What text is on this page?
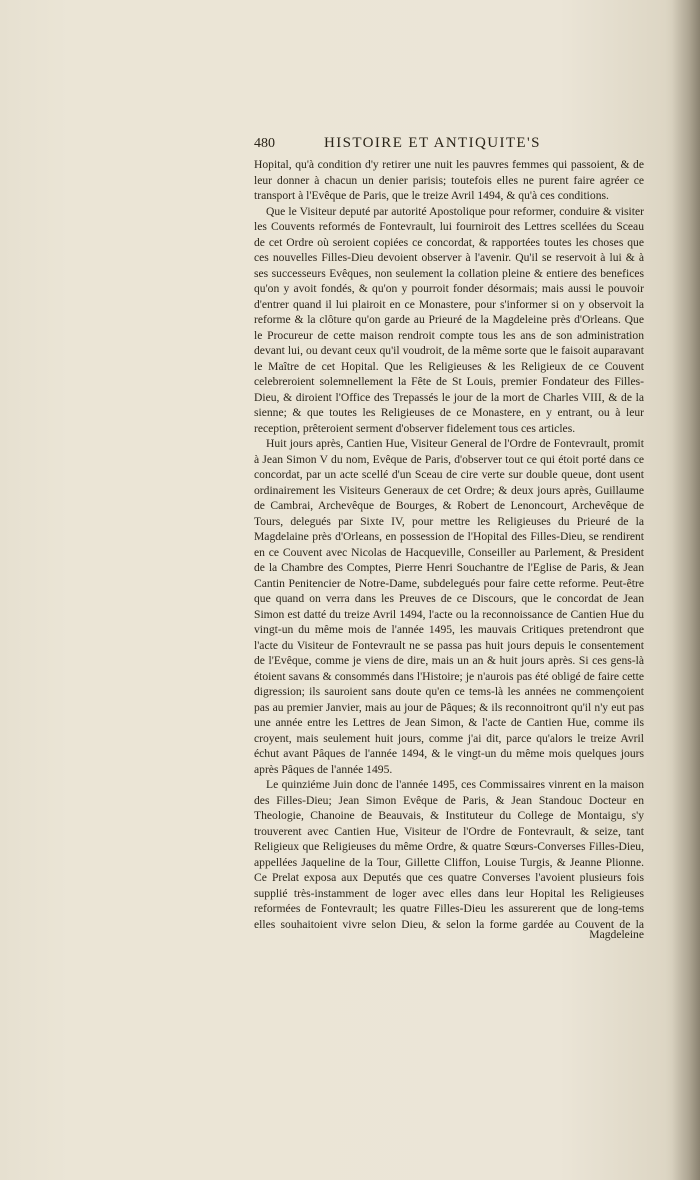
480	HISTOIRE ET ANTIQUITE'S

Hopital, qu'à condition d'y retirer une nuit les pauvres femmes qui passoient, & de leur donner à chacun un denier parisis; toutefois elles ne purent faire agréer ce transport à l'Evêque de Paris, que le treize Avril 1494, & qu'à ces conditions.

Que le Visiteur deputé par autorité Apostolique pour reformer, conduire & visiter les Couvents reformés de Fontevrault, lui fourniroit des Lettres scellées du Sceau de cet Ordre où seroient copiées ce concordat, & rapportées toutes les choses que ces nouvelles Filles-Dieu devoient observer à l'avenir. Qu'il se reservoit à lui & à ses successeurs Evêques, non seulement la collation pleine & entiere des benefices qu'on y avoit fondés, & qu'on y pourroit fonder désormais; mais aussi le pouvoir d'entrer quand il lui plairoit en ce Monastere, pour s'informer si on y observoit la reforme & la clôture qu'on garde au Prieuré de la Magdeleine près d'Orleans. Que le Procureur de cette maison rendroit compte tous les ans de son administration devant lui, ou devant ceux qu'il voudroit, de la même sorte que le faisoit auparavant le Maître de cet Hopital. Que les Religieuses & les Religieux de ce Couvent celebreroient solemnellement la Fête de St Louis, premier Fondateur des Filles-Dieu, & diroient l'Office des Trepassés le jour de la mort de Charles VIII, & de la sienne; & que toutes les Religieuses de ce Monastere, en y entrant, ou à leur reception, prêteroient serment d'observer fidelement tous ces articles.

Huit jours après, Cantien Hue, Visiteur General de l'Ordre de Fontevrault, promit à Jean Simon V du nom, Evêque de Paris, d'observer tout ce qui étoit porté dans ce concordat, par un acte scellé d'un Sceau de cire verte sur double queue, dont usent ordinairement les Visiteurs Generaux de cet Ordre; & deux jours après, Guillaume de Cambrai, Archevêque de Bourges, & Robert de Lenoncourt, Archevêque de Tours, delegués par Sixte IV, pour mettre les Religieuses du Prieuré de la Magdelaine près d'Orleans, en possession de l'Hopital des Filles-Dieu, se rendirent en ce Couvent avec Nicolas de Hacqueville, Conseiller au Parlement, & President de la Chambre des Comptes, Pierre Henri Souchantre de l'Eglise de Paris, & Jean Cantin Penitencier de Notre-Dame, subdelegués pour faire cette reforme. Peut-être que quand on verra dans les Preuves de ce Discours, que le concordat de Jean Simon est datté du treize Avril 1494, l'acte ou la reconnoissance de Cantien Hue du vingt-un du même mois de l'année 1495, les mauvais Critiques pretendront que l'acte du Visiteur de Fontevrault ne se passa pas huit jours depuis le consentement de l'Evêque, comme je viens de dire, mais un an & huit jours après. Si ces gens-là étoient savans & consommés dans l'Histoire; je n'aurois pas été obligé de faire cette digression; ils sauroient sans doute qu'en ce tems-là les années ne commençoient pas au premier Janvier, mais au jour de Pâques; & ils reconnoitront qu'il n'y eut pas une année entre les Lettres de Jean Simon, & l'acte de Cantien Hue, comme ils croyent, mais seulement huit jours, comme j'ai dit, parce qu'alors le treize Avril échut avant Pâques de l'année 1494, & le vingt-un du même mois quelques jours après Pâques de l'année 1495.

Le quinziéme Juin donc de l'année 1495, ces Commissaires vinrent en la maison des Filles-Dieu; Jean Simon Evêque de Paris, & Jean Standouc Docteur en Theologie, Chanoine de Beauvais, & Instituteur du College de Montaigu, s'y trouverent avec Cantien Hue, Visiteur de l'Ordre de Fontevrault, & seize, tant Religieux que Religieuses du même Ordre, & quatre Sœurs-Converses Filles-Dieu, appellées Jaqueline de la Tour, Gillette Cliffon, Louise Turgis, & Jeanne Plionne. Ce Prelat exposa aux Deputés que ces quatre Converses l'avoient plusieurs fois supplié très-instamment de loger avec elles dans leur Hopital les Religieuses reformées de Fontevrault; les quatre Filles-Dieu les assurerent que de long-tems elles souhaitoient vivre selon Dieu, & selon la forme gardée au Couvent de la

Magdeleine
